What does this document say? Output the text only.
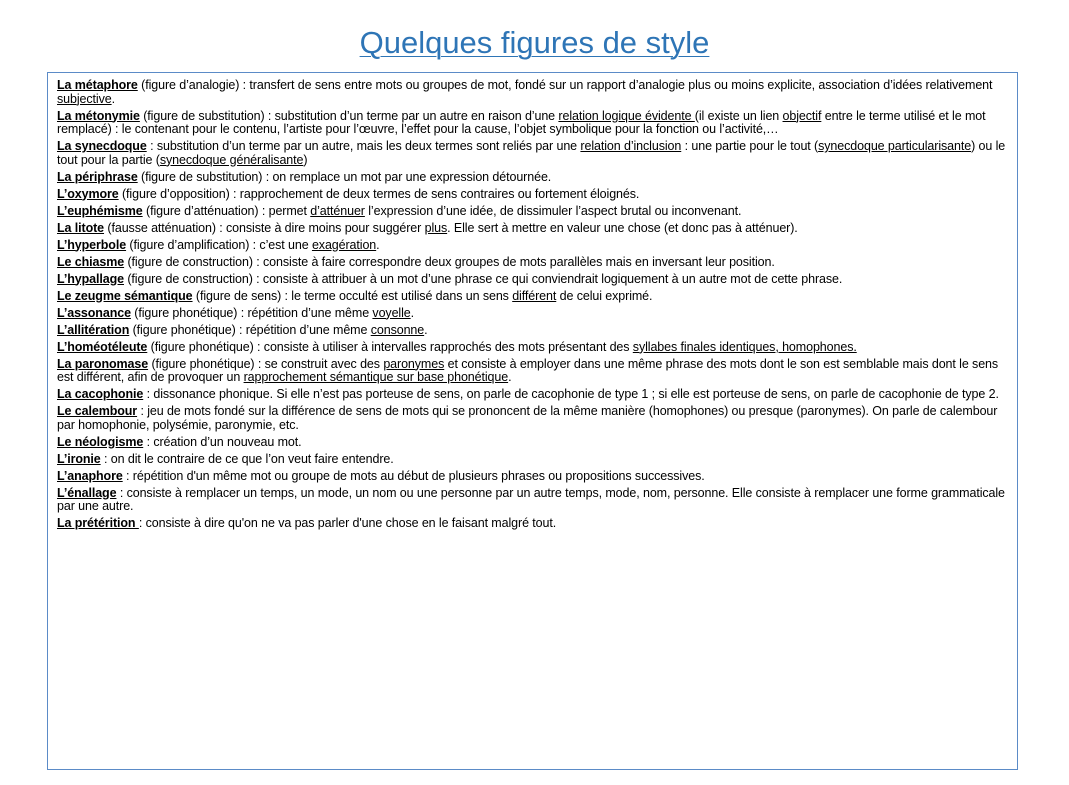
Quelques figures de style

La métaphore (figure d’analogie) : transfert de sens entre mots ou groupes de mot, fondé sur un rapport d’analogie plus ou moins explicite, association d’idées relativement subjective.

La métonymie (figure de substitution) : substitution d’un terme par un autre en raison d’une relation logique évidente (il existe un lien objectif entre le terme utilisé et le mot remplacé) : le contenant pour le contenu, l’artiste pour l’œuvre, l’effet pour la cause, l’objet symbolique pour la fonction ou l’activité,…

La synecdoque : substitution d’un terme par un autre, mais les deux termes sont reliés par une relation d’inclusion : une partie pour le tout (synecdoque particularisante) ou le tout pour la partie (synecdoque généralisante)

La périphrase (figure de substitution) : on remplace un mot par une expression détournée.

L’oxymore (figure d’opposition) : rapprochement de deux termes de sens contraires ou fortement éloignés.

L’euphémisme (figure d’atténuation) : permet d’atténuer l’expression d’une idée, de dissimuler l’aspect brutal ou inconvenant.

La litote (fausse atténuation) : consiste à dire moins pour suggérer plus. Elle sert à mettre en valeur une chose (et donc pas à atténuer).

L’hyperbole (figure d’amplification) : c’est une exagération.

Le chiasme (figure de construction) : consiste à faire correspondre deux groupes de mots parallèles mais en inversant leur position.

L’hypallage (figure de construction) : consiste à attribuer à un mot d’une phrase ce qui conviendrait logiquement à un autre mot de cette phrase.

Le zeugme sémantique (figure de sens) : le terme occulté est utilisé dans un sens différent de celui exprimé.

L’assonance (figure phonétique) : répétition d’une même voyelle.

L’allitération (figure phonétique) : répétition d’une même consonne.

L’homéotéleute (figure phonétique) : consiste à utiliser à intervalles rapprochés des mots présentant des syllabes finales identiques, homophones.

La paronomase (figure phonétique) : se construit avec des paronymes et consiste à employer dans une même phrase des mots dont le son est semblable mais dont le sens est différent, afin de provoquer un rapprochement sémantique sur base phonétique.

La cacophonie : dissonance phonique. Si elle n’est pas porteuse de sens, on parle de cacophonie de type 1 ; si elle est porteuse de sens, on parle de cacophonie de type 2.

Le calembour : jeu de mots fondé sur la différence de sens de mots qui se prononcent de la même manière (homophones) ou presque (paronymes). On parle de calembour par homophonie, polysémie, paronymie, etc.

Le néologisme : création d’un nouveau mot.

L’ironie : on dit le contraire de ce que l’on veut faire entendre.

L’anaphore : répétition d'un même mot ou groupe de mots au début de plusieurs phrases ou propositions successives.

L’énallage : consiste à remplacer un temps, un mode, un nom ou une personne par un autre temps, mode, nom, personne. Elle consiste à remplacer une forme grammaticale par une autre.

La prétérition : consiste à dire qu'on ne va pas parler d'une chose en le faisant malgré tout.
